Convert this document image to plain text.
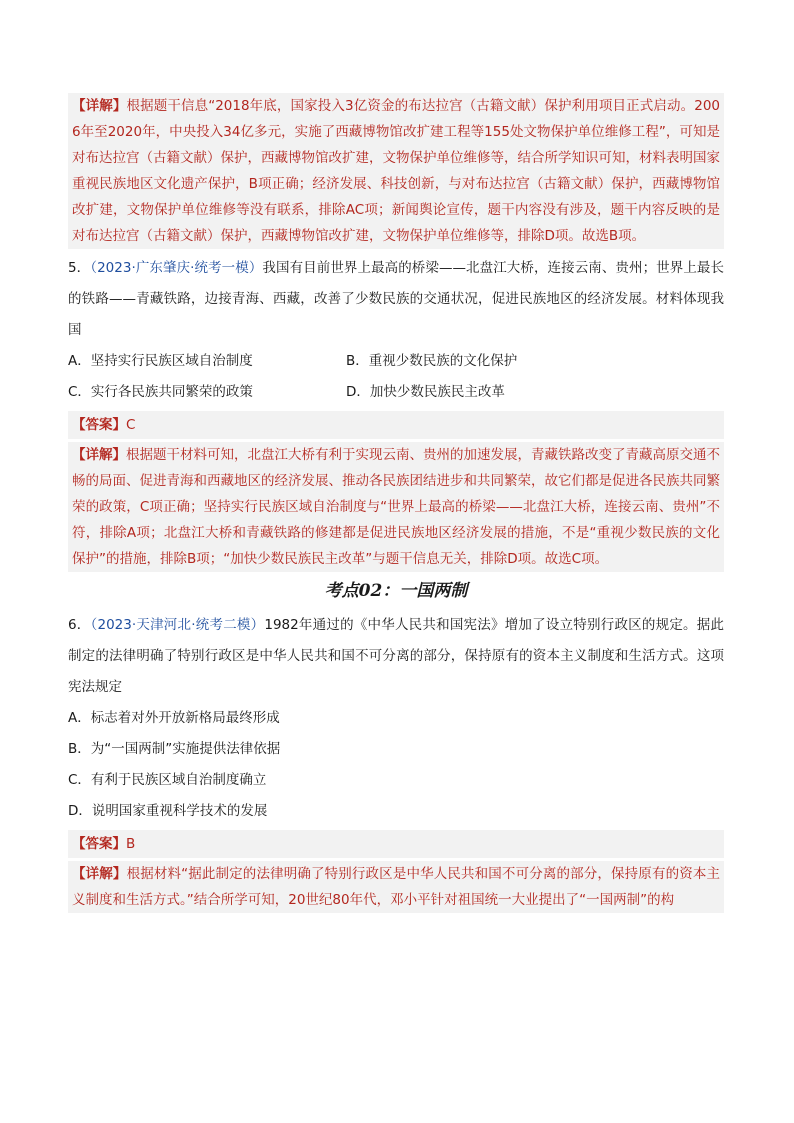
【详解】根据题干信息“2018年底，国家投入3亿资金的布达拉宫（古籍文献）保护利用项目正式启动。2006年至2020年，中央投入34亿多元，实施了西藏博物馆改扩建工程等155处文物保护单位维修工程”，可知是对布达拉宫（古籍文献）保护，西藏博物馆改扩建，文物保护单位维修等，结合所学知识可知，材料表明国家重视民族地区文化遗产保护，B项正确；经济发展、科技创新，与对布达拉宫（古籍文献）保护，西藏博物馆改扩建，文物保护单位维修等没有联系，排除AC项；新闻舆论宣传，题干内容没有涉及，题干内容反映的是对布达拉宫（古籍文献）保护，西藏博物馆改扩建，文物保护单位维修等，排除D项。故选B项。
5．（2023·广东肇庆·统考一模）我国有目前世界上最高的桥梁——北盘江大桥，连接云南、贵州；世界上最长的铁路——青藏铁路，边接青海、西藏，改善了少数民族的交通状况，促进民族地区的经济发展。材料体现我国
A．坚持实行民族区域自治制度	B．重视少数民族的文化保护
C．实行各民族共同繁荣的政策	D．加快少数民族民主改革
【答案】C
【详解】根据题干材料可知，北盘江大桥有利于实现云南、贵州的加速发展，青藏铁路改变了青藏高原交通不畅的局面、促进青海和西藏地区的经济发展、推动各民族团结进步和共同繁荣，故它们都是促进各民族共同繁荣的政策，C项正确；坚持实行民族区域自治制度与“世界上最高的桥梁——北盘江大桥，连接云南、贵州”不符，排除A项；北盘江大桥和青藏铁路的修建都是促进民族地区经济发展的措施，不是“重视少数民族的文化保护”的措施，排除B项；“加快少数民族民主改革”与题干信息无关，排除D项。故选C项。
考点02：一国两制
6．（2023·天津河北·统考二模）1982年通过的《中华人民共和国宪法》增加了设立特别行政区的规定。据此制定的法律明确了特别行政区是中华人民共和国不可分离的部分，保持原有的资本主义制度和生活方式。这项宪法规定
A．标志着对外开放新格局最终形成
B．为“一国两制”实施提供法律依据
C．有利于民族区域自治制度确立
D．说明国家重视科学技术的发展
【答案】B
【详解】根据材料“据此制定的法律明确了特别行政区是中华人民共和国不可分离的部分，保持原有的资本主义制度和生活方式。”结合所学可知，20世纪80年代，邓小平针对祖国统一大业提出了“一国两制”的构
